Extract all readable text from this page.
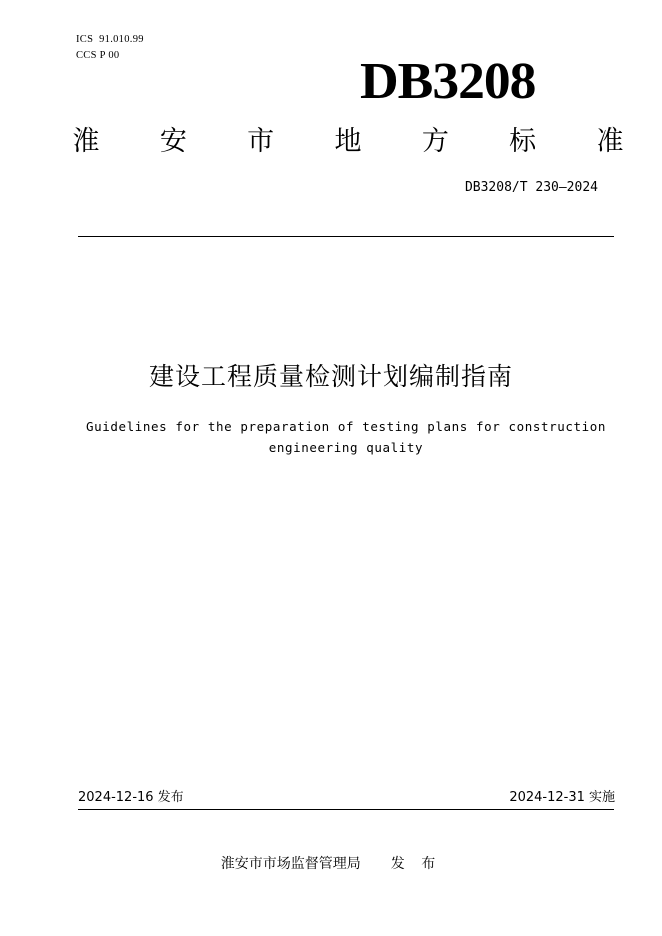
ICS  91.010.99
CCS P 00	DB3208
淮 安 市 地 方 标 准
DB3208/T 230—2024
建设工程质量检测计划编制指南
Guidelines for the preparation of testing plans for construction
engineering quality
2024-12-16 发布	2024-12-31 实施
淮安市市场监督管理局 发 布
